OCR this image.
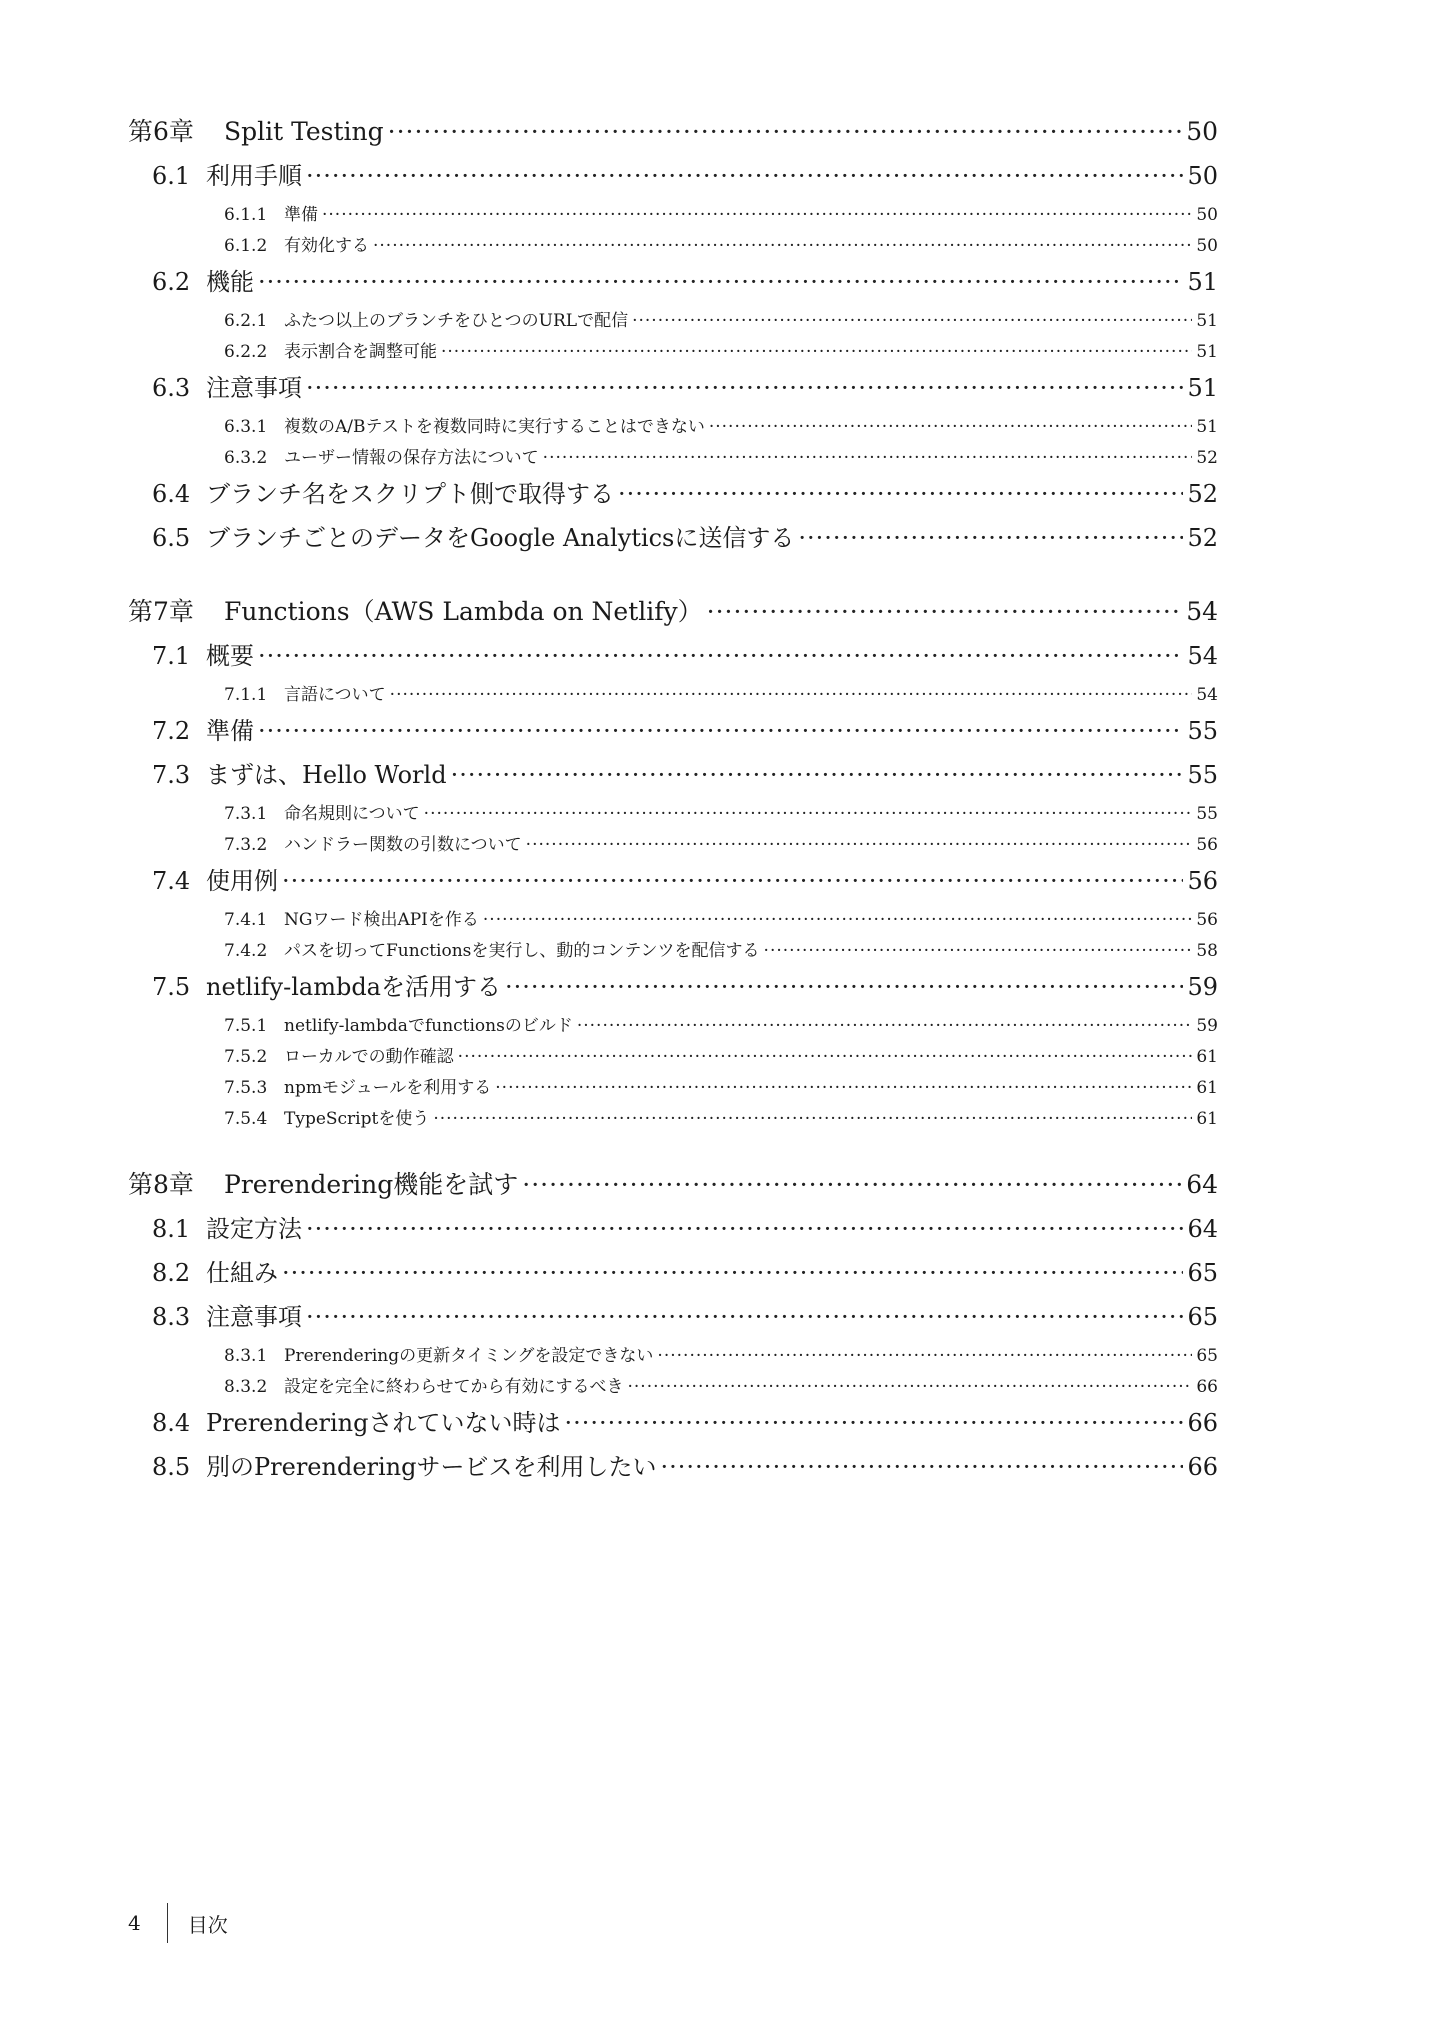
第6章	Split Testing ·····	50
6.1 利用手順 ·····	50
6.1.1 準備 ·····	50
6.1.2 有効化する ·····	50
6.2 機能 ·····	51
6.2.1 ふたつ以上のブランチをひとつのURLで配信 ·····	51
6.2.2 表示割合を調整可能 ·····	51
6.3 注意事項 ·····	51
6.3.1 複数のA/Bテストを複数同時に実行することはできない ·····	51
6.3.2 ユーザー情報の保存方法について ·····	52
6.4 ブランチ名をスクリプト側で取得する ·····	52
6.5 ブランチごとのデータをGoogle Analyticsに送信する ·····	52
第7章	Functions（AWS Lambda on Netlify） ·····	54
7.1 概要 ·····	54
7.1.1 言語について ·····	54
7.2 準備 ·····	55
7.3 まずは、Hello World ·····	55
7.3.1 命名規則について ·····	55
7.3.2 ハンドラー関数の引数について ·····	56
7.4 使用例 ·····	56
7.4.1 NGワード検出APIを作る ·····	56
7.4.2 パスを切ってFunctionsを実行し、動的コンテンツを配信する ·····	58
7.5 netlify-lambdaを活用する ·····	59
7.5.1 netlify-lambdaでfunctionsのビルド ·····	59
7.5.2 ローカルでの動作確認 ·····	61
7.5.3 npmモジュールを利用する ·····	61
7.5.4 TypeScriptを使う ·····	61
第8章	Prerendering機能を試す ·····	64
8.1 設定方法 ·····	64
8.2 仕組み ·····	65
8.3 注意事項 ·····	65
8.3.1 Prerenderingの更新タイミングを設定できない ·····	65
8.3.2 設定を完全に終わらせてから有効にするべき ·····	66
8.4 Prerenderingされていない時は ·····	66
8.5 別のPrerenderingサービスを利用したい ·····	66
4 目次
